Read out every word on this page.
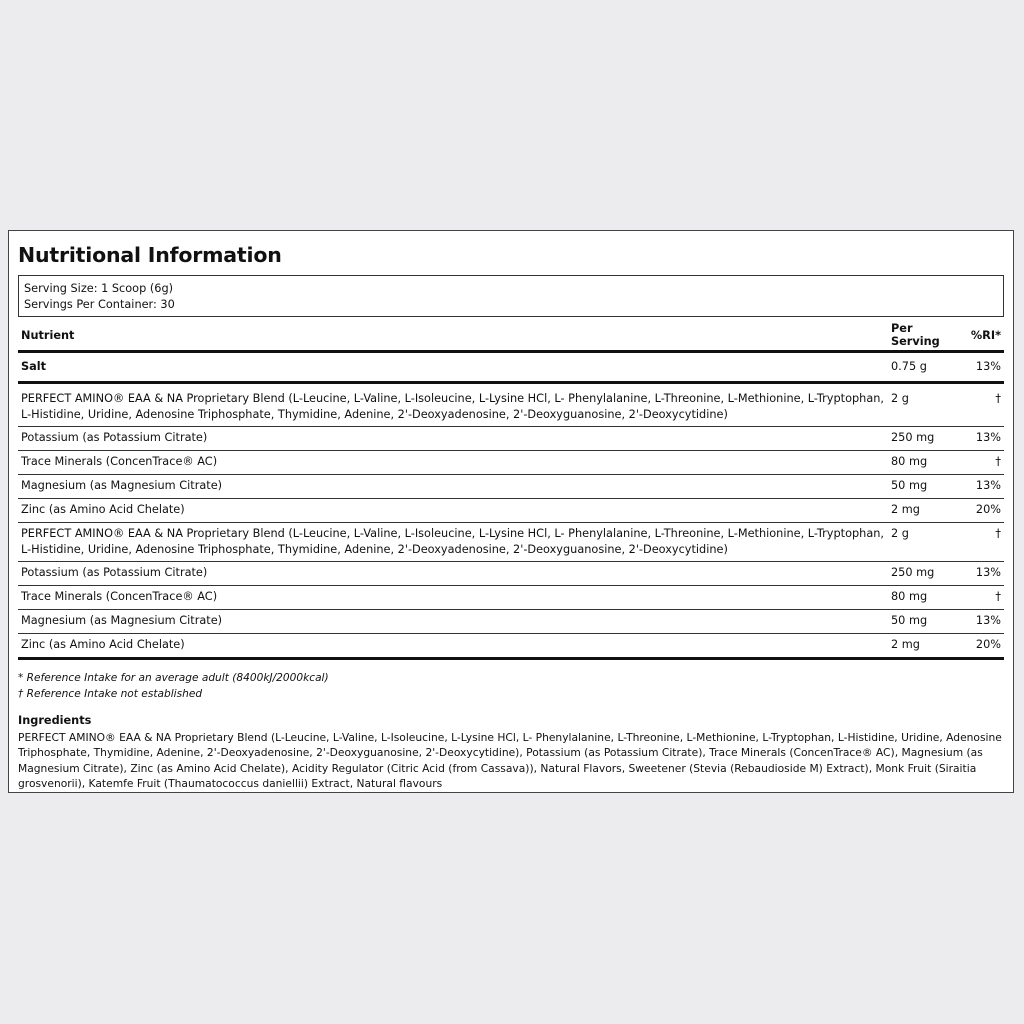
Nutritional Information
Serving Size: 1 Scoop (6g)
Servings Per Container: 30
Nutrient	Per Serving	%RI*
Salt	0.75 g	13%
PERFECT AMINO® EAA & NA Proprietary Blend (L-Leucine, L-Valine, L-Isoleucine, L-Lysine HCl, L- Phenylalanine, L-Threonine, L-Methionine, L-Tryptophan, L-Histidine, Uridine, Adenosine Triphosphate, Thymidine, Adenine, 2'-Deoxyadenosine, 2'-Deoxyguanosine, 2'-Deoxycytidine)	2 g	†
Potassium (as Potassium Citrate)	250 mg	13%
Trace Minerals (ConcenTrace® AC)	80 mg	†
Magnesium (as Magnesium Citrate)	50 mg	13%
Zinc (as Amino Acid Chelate)	2 mg	20%
PERFECT AMINO® EAA & NA Proprietary Blend (L-Leucine, L-Valine, L-Isoleucine, L-Lysine HCl, L- Phenylalanine, L-Threonine, L-Methionine, L-Tryptophan, L-Histidine, Uridine, Adenosine Triphosphate, Thymidine, Adenine, 2'-Deoxyadenosine, 2'-Deoxyguanosine, 2'-Deoxycytidine)	2 g	†
Potassium (as Potassium Citrate)	250 mg	13%
Trace Minerals (ConcenTrace® AC)	80 mg	†
Magnesium (as Magnesium Citrate)	50 mg	13%
Zinc (as Amino Acid Chelate)	2 mg	20%
* Reference Intake for an average adult (8400kJ/2000kcal)
† Reference Intake not established
Ingredients
PERFECT AMINO® EAA & NA Proprietary Blend (L-Leucine, L-Valine, L-Isoleucine, L-Lysine HCl, L- Phenylalanine, L-Threonine, L-Methionine, L-Tryptophan, L-Histidine, Uridine, Adenosine Triphosphate, Thymidine, Adenine, 2'-Deoxyadenosine, 2'-Deoxyguanosine, 2'-Deoxycytidine), Potassium (as Potassium Citrate), Trace Minerals (ConcenTrace® AC), Magnesium (as Magnesium Citrate), Zinc (as Amino Acid Chelate), Acidity Regulator (Citric Acid (from Cassava)), Natural Flavors, Sweetener (Stevia (Rebaudioside M) Extract), Monk Fruit (Siraitia grosvenorii), Katemfe Fruit (Thaumatococcus daniellii) Extract, Natural flavours
